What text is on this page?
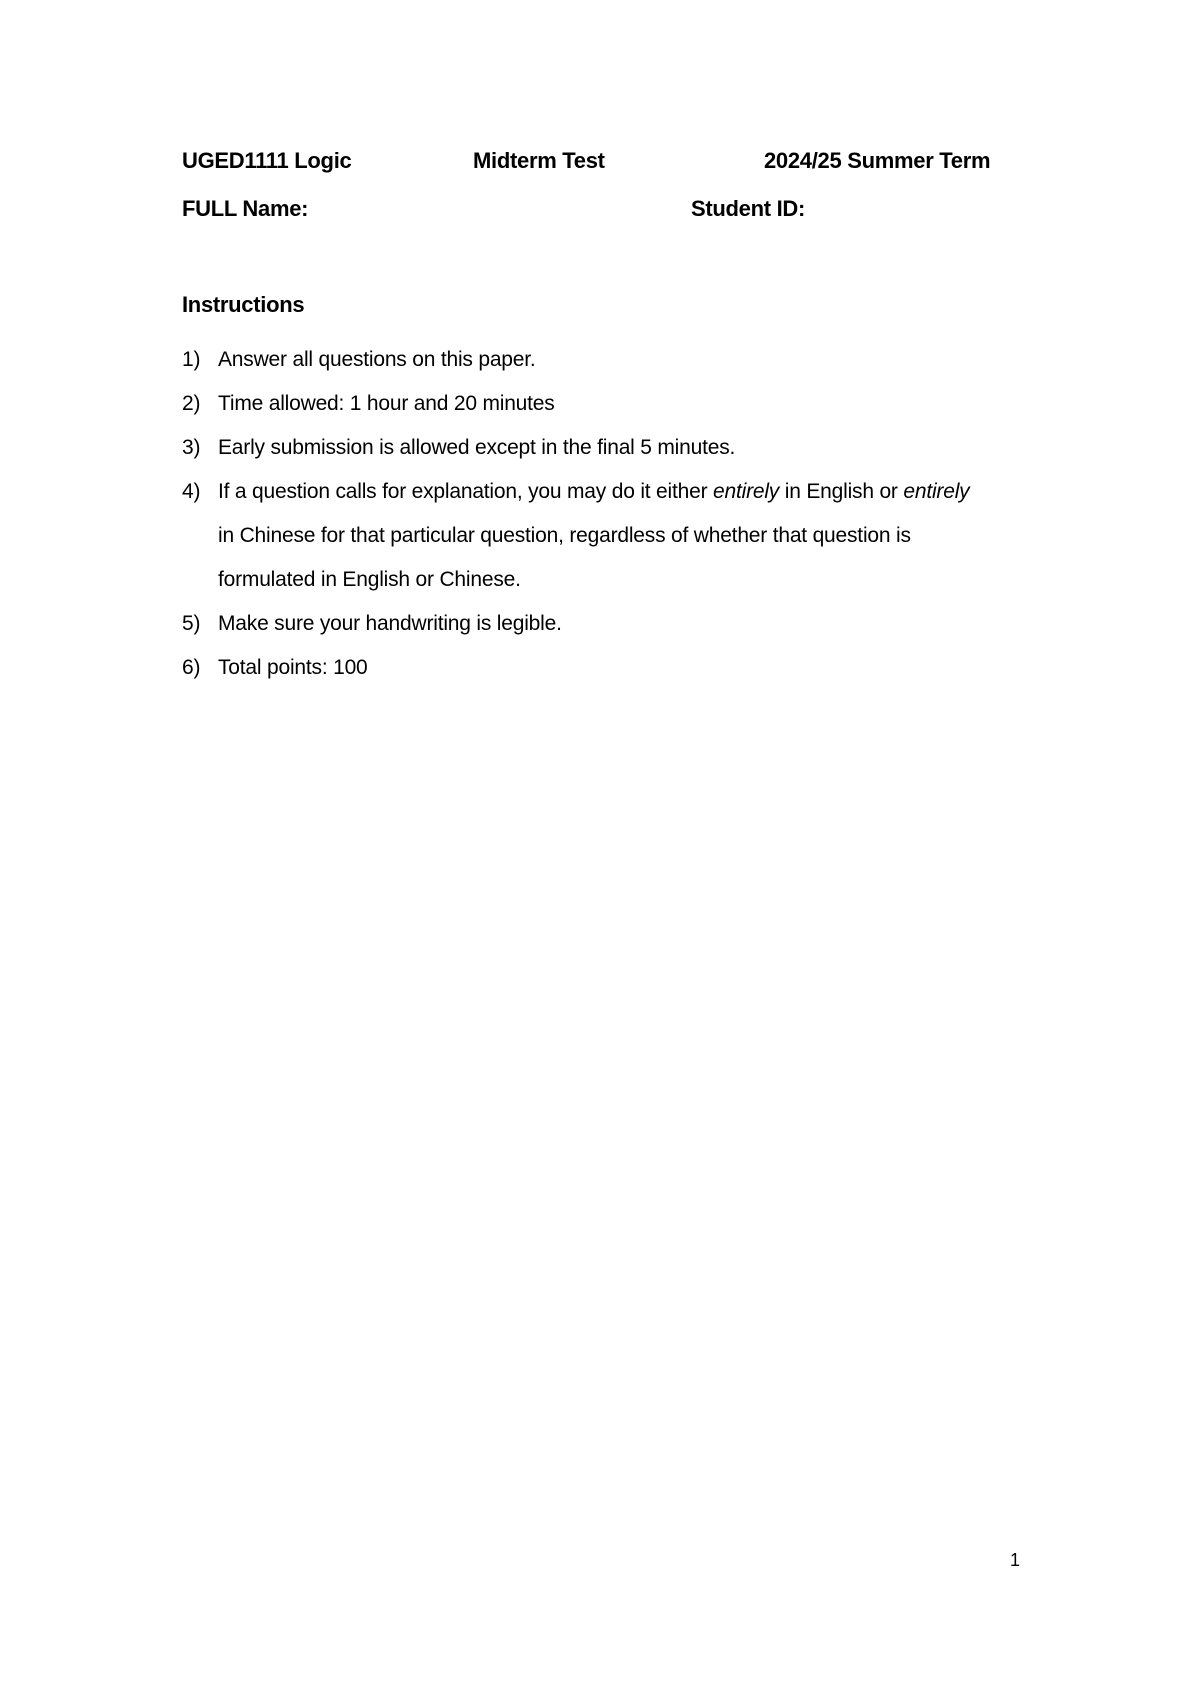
UGED1111 Logic	Midterm Test	2024/25 Summer Term
FULL Name:	Student ID:
Instructions
1) Answer all questions on this paper.
2) Time allowed: 1 hour and 20 minutes
3) Early submission is allowed except in the final 5 minutes.
4) If a question calls for explanation, you may do it either entirely in English or entirely in Chinese for that particular question, regardless of whether that question is formulated in English or Chinese.
5) Make sure your handwriting is legible.
6) Total points: 100
1
